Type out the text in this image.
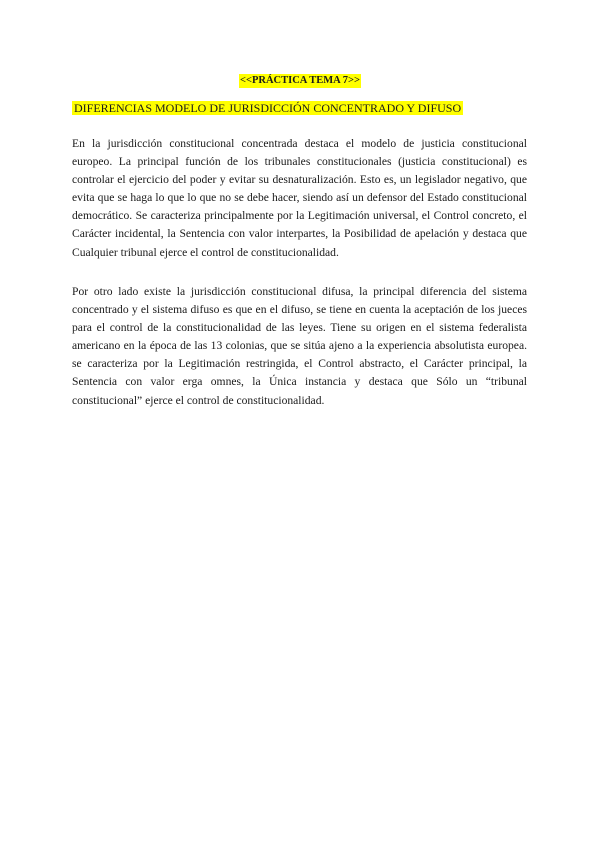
<<PRÁCTICA TEMA 7>>
DIFERENCIAS MODELO DE JURISDICCIÓN CONCENTRADO Y DIFUSO

En la jurisdicción constitucional concentrada destaca el modelo de justicia constitucional europeo. La principal función de los tribunales constitucionales (justicia constitucional) es controlar el ejercicio del poder y evitar su desnaturalización. Esto es, un legislador negativo, que evita que se haga lo que lo que no se debe hacer, siendo así un defensor del Estado constitucional democrático. Se caracteriza principalmente por la Legitimación universal, el Control concreto, el Carácter incidental, la Sentencia con valor interpartes, la Posibilidad de apelación y destaca que Cualquier tribunal ejerce el control de constitucionalidad.

Por otro lado existe la jurisdicción constitucional difusa, la principal diferencia del sistema concentrado y el sistema difuso es que en el difuso, se tiene en cuenta la aceptación de los jueces para el control de la constitucionalidad de las leyes. Tiene su origen en el sistema federalista americano en la época de las 13 colonias, que se sitúa ajeno a la experiencia absolutista europea. se caracteriza por la Legitimación restringida, el Control abstracto, el Carácter principal, la Sentencia con valor erga omnes, la Única instancia y destaca que Sólo un “tribunal constitucional” ejerce el control de constitucionalidad.
